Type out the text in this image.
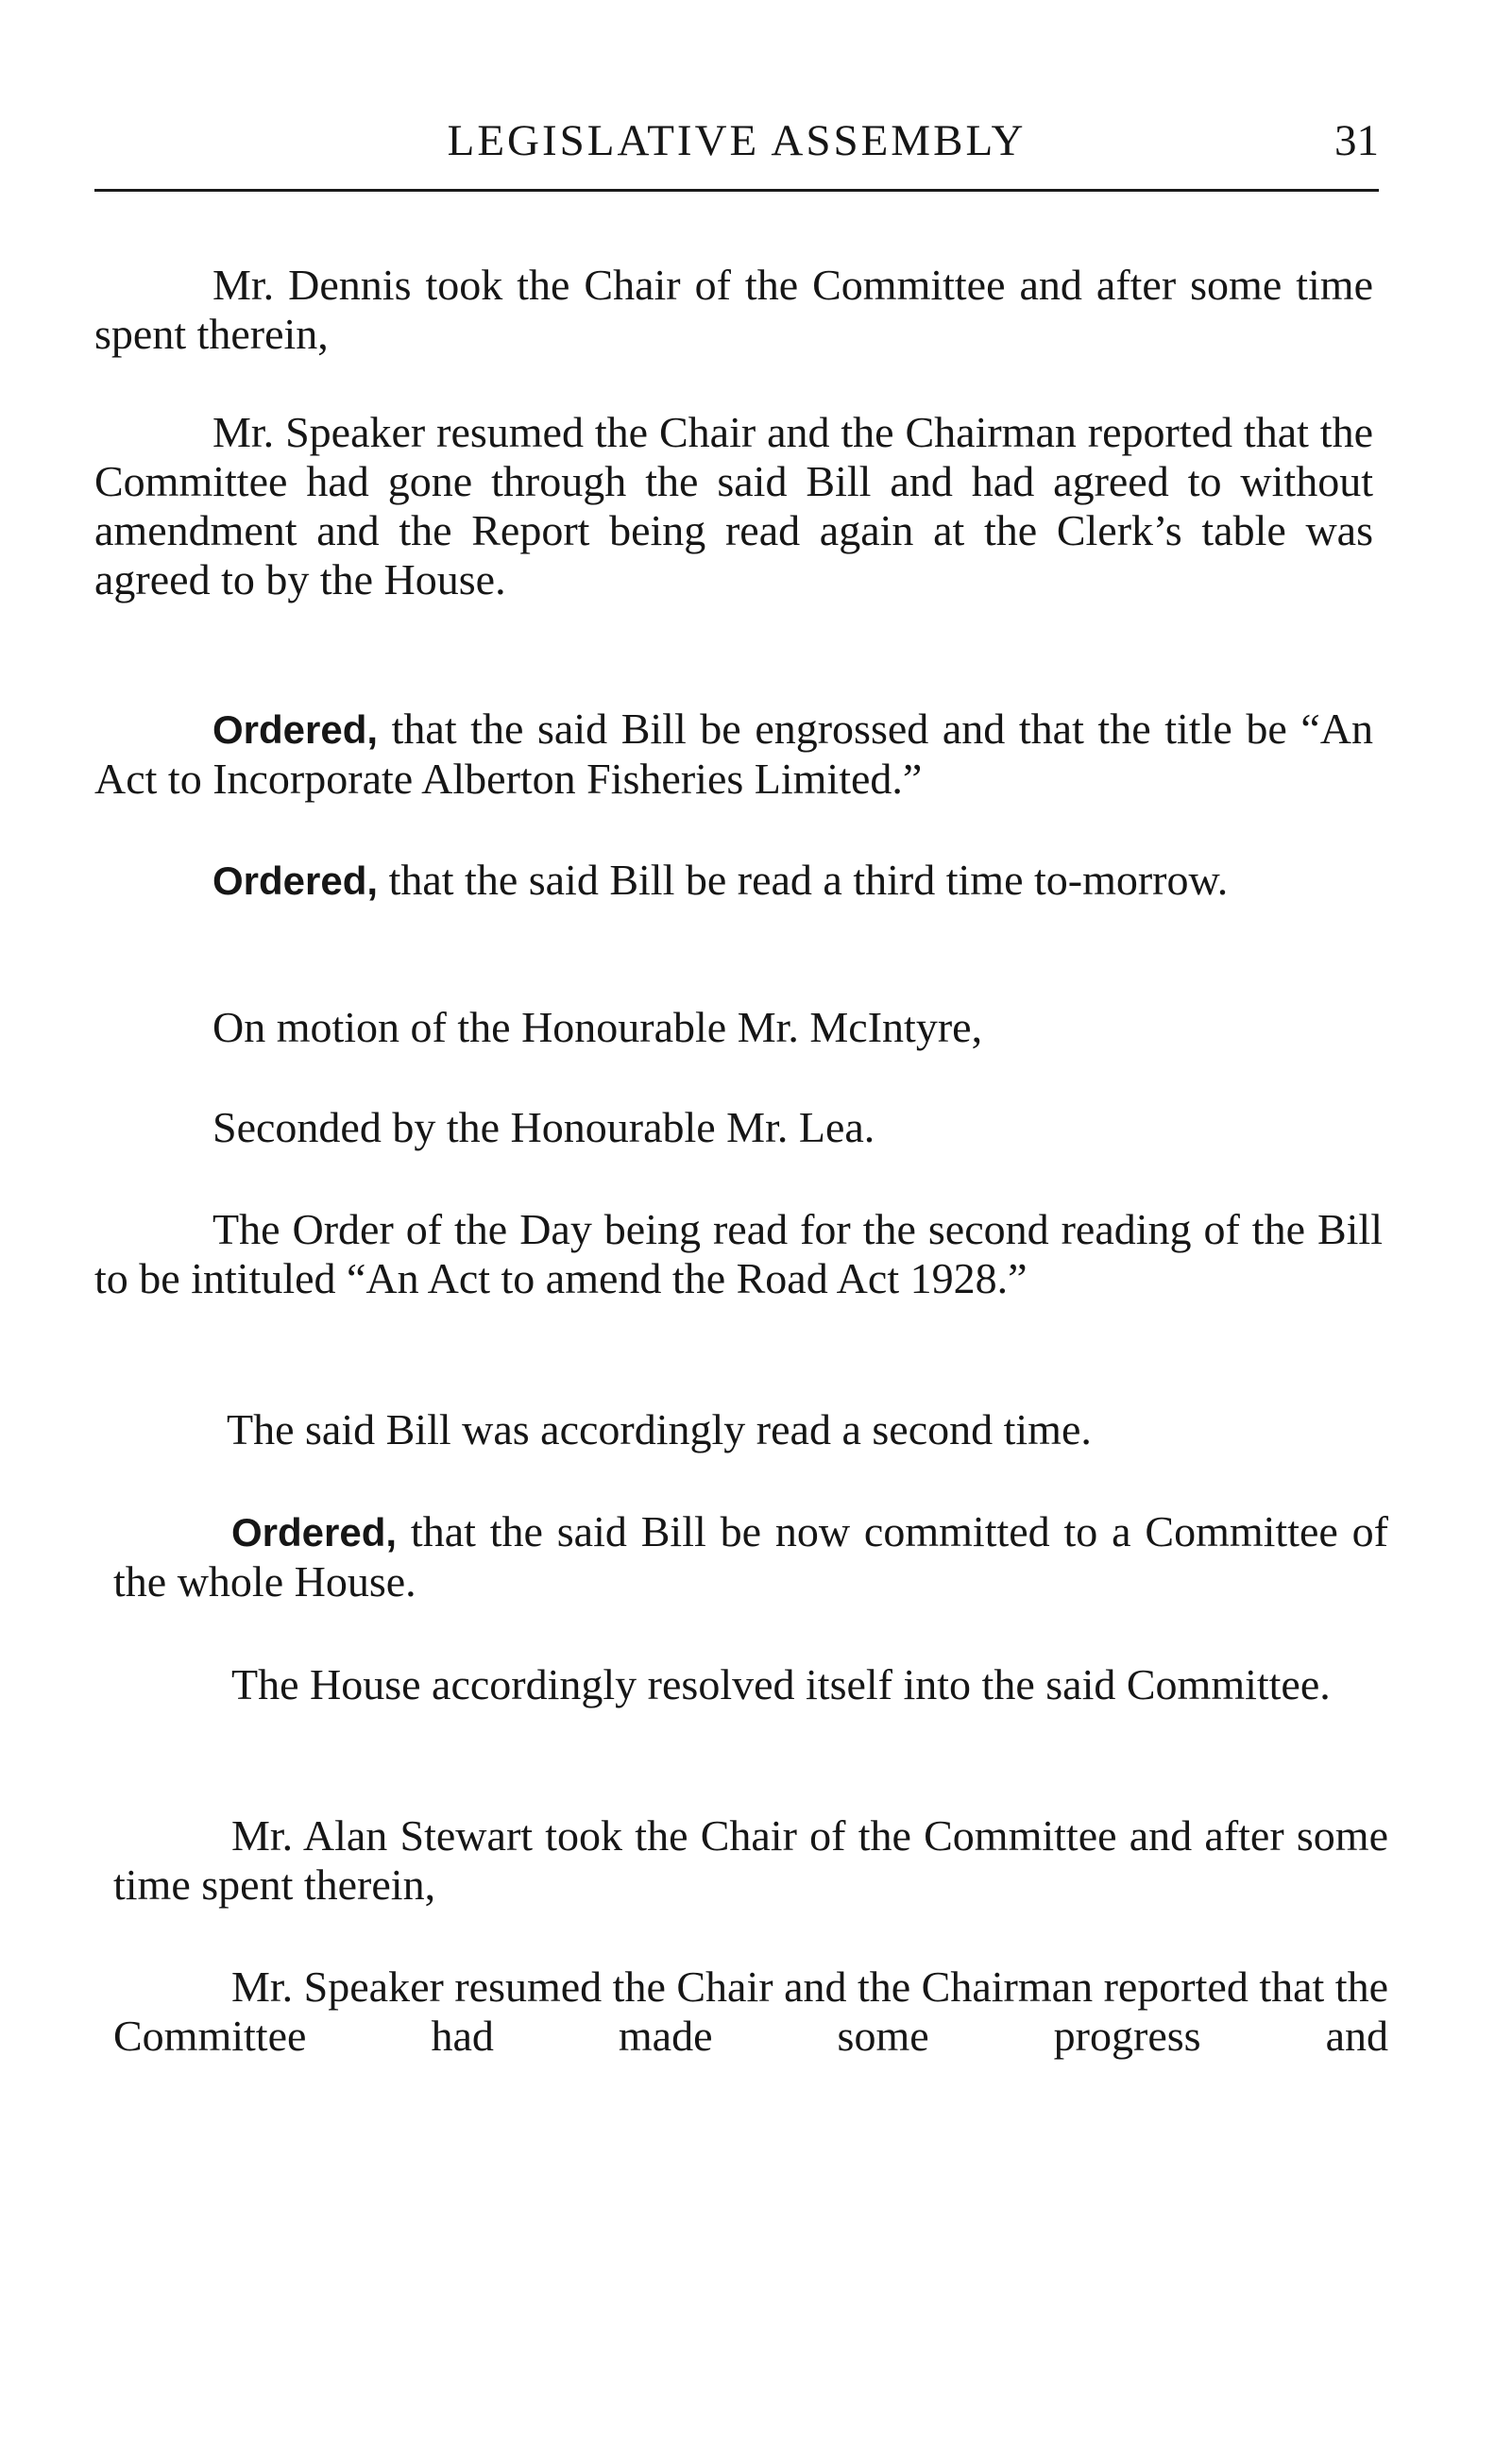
LEGISLATIVE ASSEMBLY	31

Mr. Dennis took the Chair of the Committee and after some time spent therein,

Mr. Speaker resumed the Chair and the Chairman reported that the Committee had gone through the said Bill and had agreed to without amendment and the Report being read again at the Clerk’s table was agreed to by the House.

Ordered, that the said Bill be engrossed and that the title be “An Act to Incorporate Alberton Fisheries Limited.”

Ordered, that the said Bill be read a third time to-morrow.

On motion of the Honourable Mr. McIntyre,

Seconded by the Honourable Mr. Lea.

The Order of the Day being read for the second reading of the Bill to be intituled “An Act to amend the Road Act 1928.”

The said Bill was accordingly read a second time.

Ordered, that the said Bill be now committed to a Committee of the whole House.

The House accordingly resolved itself into the said Committee.

Mr. Alan Stewart took the Chair of the Committee and after some time spent therein,

Mr. Speaker resumed the Chair and the Chairman reported that the Committee had made some progress and
